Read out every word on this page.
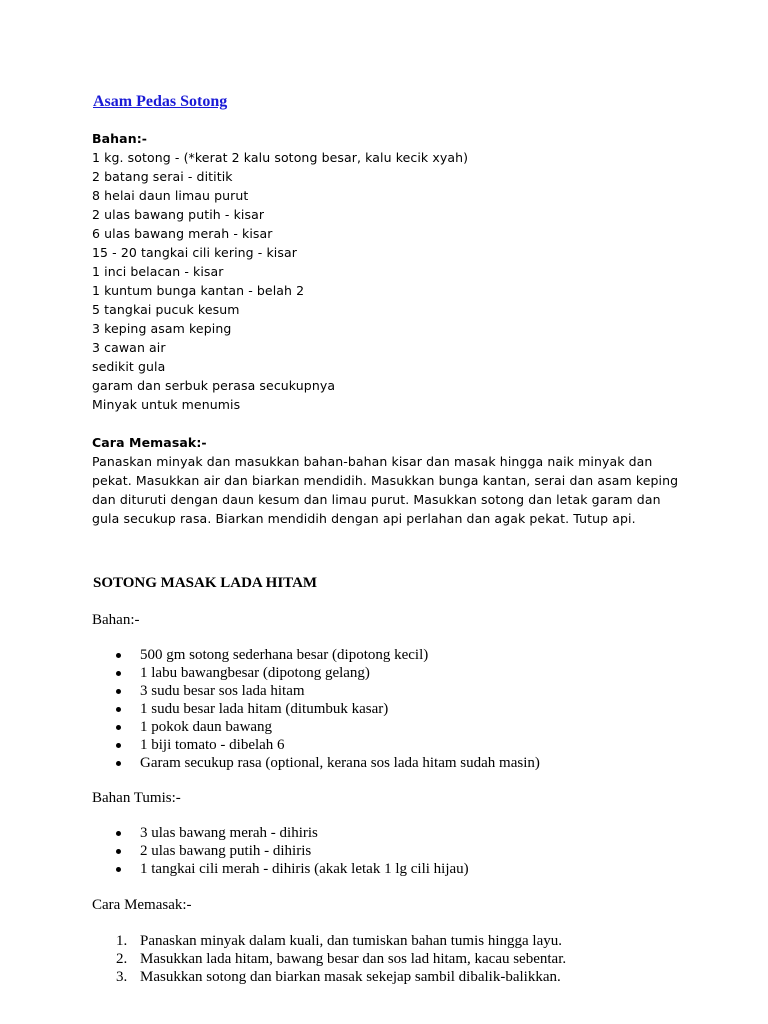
Asam Pedas Sotong
Bahan:-
1 kg. sotong - (*kerat 2 kalu sotong besar, kalu kecik xyah)
2 batang serai - dititik
8 helai daun limau purut
2 ulas bawang putih - kisar
6 ulas bawang merah - kisar
15 - 20 tangkai cili kering - kisar
1 inci belacan - kisar
1 kuntum bunga kantan - belah 2
5 tangkai pucuk kesum
3 keping asam keping
3 cawan air
sedikit gula
garam dan serbuk perasa secukupnya
Minyak untuk menumis
Cara Memasak:-
Panaskan minyak dan masukkan bahan-bahan kisar dan masak hingga naik minyak dan
pekat. Masukkan air dan biarkan mendidih. Masukkan bunga kantan, serai dan asam keping
dan dituruti dengan daun kesum dan limau purut. Masukkan sotong dan letak garam dan
gula secukup rasa. Biarkan mendidih dengan api perlahan dan agak pekat. Tutup api.
SOTONG MASAK LADA HITAM
Bahan:-
500 gm sotong sederhana besar (dipotong kecil)
1 labu bawangbesar (dipotong gelang)
3 sudu besar sos lada hitam
1 sudu besar lada hitam (ditumbuk kasar)
1 pokok daun bawang
1 biji tomato - dibelah 6
Garam secukup rasa (optional, kerana sos lada hitam sudah masin)
Bahan Tumis:-
3 ulas bawang merah - dihiris
2 ulas bawang putih - dihiris
1 tangkai cili merah - dihiris (akak letak 1 lg cili hijau)
Cara Memasak:-
1. Panaskan minyak dalam kuali, dan tumiskan bahan tumis hingga layu.
2. Masukkan lada hitam, bawang besar dan sos lad hitam, kacau sebentar.
3. Masukkan sotong dan biarkan masak sekejap sambil dibalik-balikkan.
